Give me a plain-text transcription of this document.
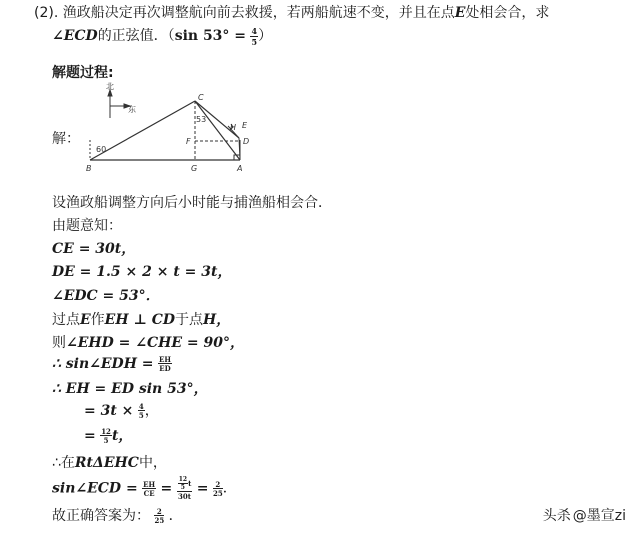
(2). 渔政船决定再次调整航向前去救援，若两船航速不变，并且在点E处相会合，求
∠ECD的正弦值．（sin $53^\circ = \frac{4}{5}$ ）
解题过程:
解：
北
东
60
53
C
H E
F	D
B	G	A
设渔政船调整方向后小时能与捕渔船相会合．
由题意知：
CE = 30t，
DE = 1.5 × 2 × t = 3t，
∠EDC = 53°．
过点E作EH ⊥ CD于点H，
则∠EHD = ∠CHE = 90°，
∴ sin∠EDH = $\frac{EH}{ED}$
∴ EH = ED sin 53°，
= $3t \times \frac{4}{5}$ ，
= $\frac{12}{5}$ t，
∴在RtΔEHC中，
sin∠ECD = $\frac{EH}{CE} = \frac{\frac{12}{5} t}{30t} = \frac{2}{25}$ ．
故正确答案为： $\frac{2}{25}$ ．	头杀 @墨宣zi
